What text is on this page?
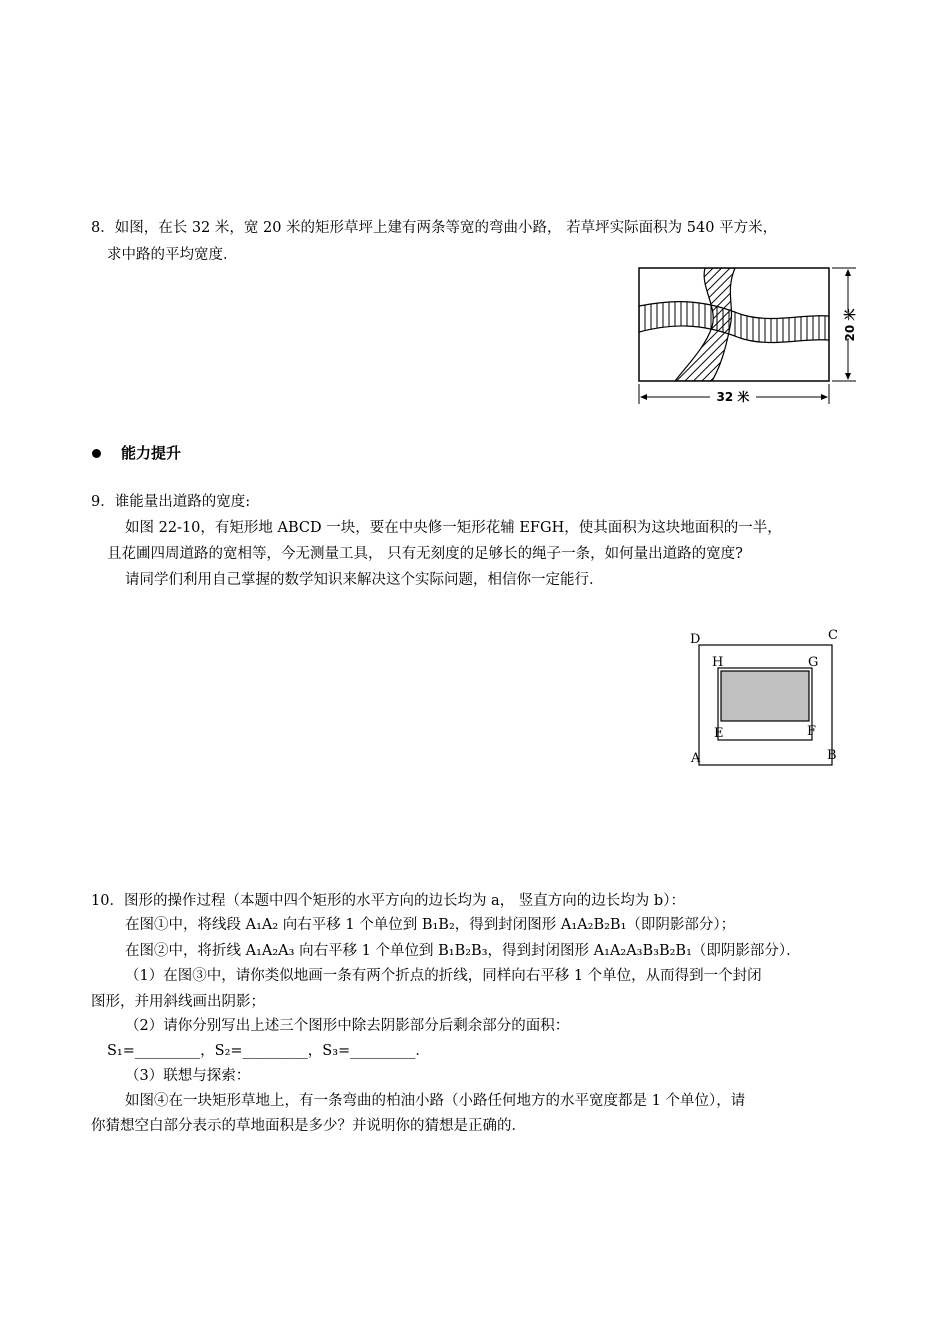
8．如图，在长 32 米，宽 20 米的矩形草坪上建有两条等宽的弯曲小路， 若草坪实际面积为 540 平方米，
求中路的平均宽度．
20 米
32 米
能力提升
9．谁能量出道路的宽度:
如图 22-10，有矩形地 ABCD 一块，要在中央修一矩形花辅 EFGH，使其面积为这块地面积的一半，
且花圃四周道路的宽相等，今无测量工具， 只有无刻度的足够长的绳子一条，如何量出道路的宽度?
请同学们利用自己掌握的数学知识来解决这个实际问题，相信你一定能行．
D	C
H	G
E	F
A	B
10．图形的操作过程（本题中四个矩形的水平方向的边长均为 a， 竖直方向的边长均为 b）：
在图①中，将线段 A₁A₂ 向右平移 1 个单位到 B₁B₂，得到封闭图形 A₁A₂B₂B₁（即阴影部分）；
在图②中，将折线 A₁A₂A₃ 向右平移 1 个单位到 B₁B₂B₃，得到封闭图形 A₁A₂A₃B₃B₂B₁（即阴影部分）．
（1）在图③中，请你类似地画一条有两个折点的折线，同样向右平移 1 个单位，从而得到一个封闭
图形，并用斜线画出阴影；
（2）请你分别写出上述三个图形中除去阴影部分后剩余部分的面积：
S₁=_________，S₂=_________，S₃=_________．
（3）联想与探索：
如图④在一块矩形草地上，有一条弯曲的柏油小路（小路任何地方的水平宽度都是 1 个单位），请
你猜想空白部分表示的草地面积是多少？并说明你的猜想是正确的．
